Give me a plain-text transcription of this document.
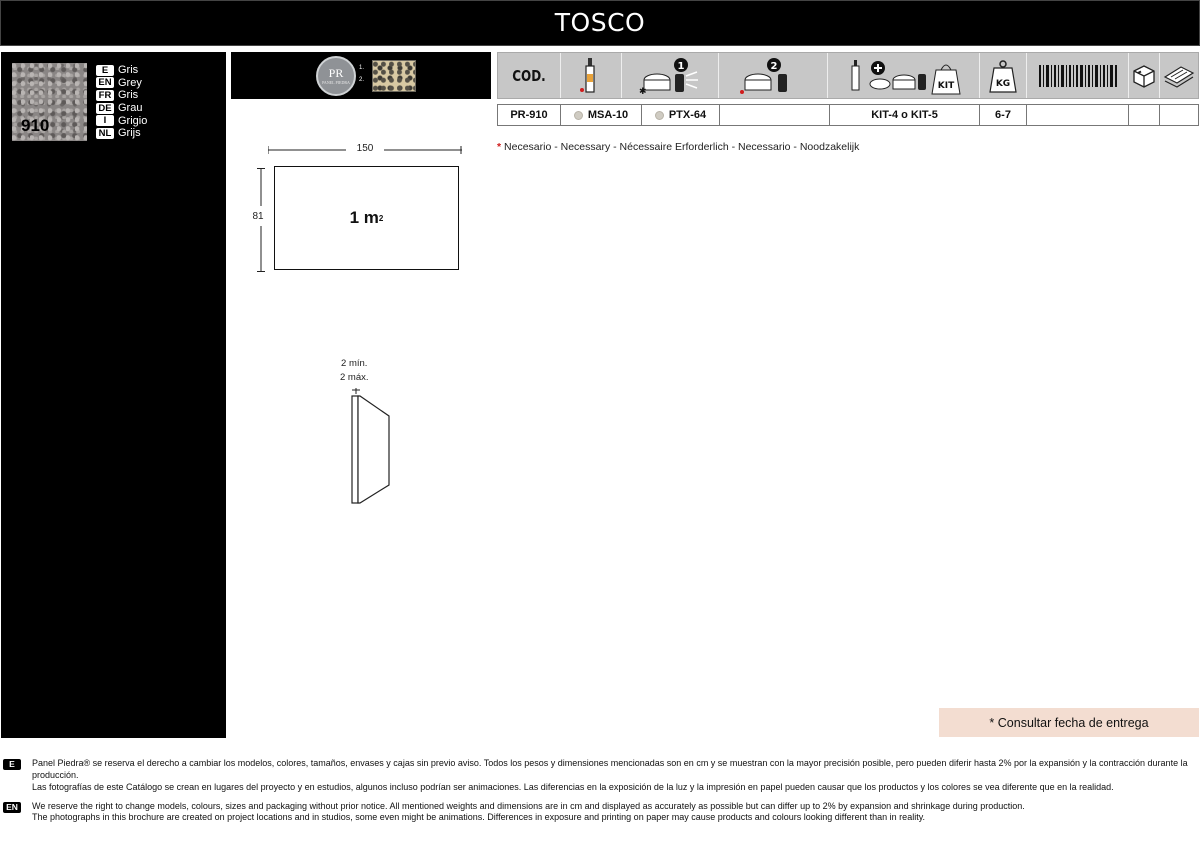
TOSCO
910
E Gris
EN Grey
FR Gris
DE Grau
I	Grigio
NL Grijs
PR
PANEL PIEDRA
1.
2.	COD.
1
✱
2
KIT	KG
PR-910	MSA-10	PTX-64	KIT-4 o KIT-5	6-7
* Necesario - Necessary - Nécessaire Erforderlich - Necessario - Noodzakelijk
150
81	1 m 2
2 mín.
2 máx.
* Consultar fecha de entrega
E	Panel Piedra® se reserva el derecho a cambiar los modelos, colores, tamaños, envases y cajas sin previo aviso. Todos los pesos y dimensiones mencionadas son en cm y se muestran con la mayor precisión posible, pero pueden diferir hasta 2% por la expansión y la contracción durante la producción.

Las fotografías de este Catálogo se crean en lugares del proyecto y en estudios, algunos incluso podrían ser animaciones. Las diferencias en la exposición de la luz y la impresión en papel pueden causar que los productos y los colores se vea diferente que en la realidad.

EN	We reserve the right to change models, colours, sizes and packaging without prior notice. All mentioned weights and dimensions are in cm and displayed as accurately as possible but can differ up to 2% by expansion and shrinkage during production.

The photographs in this brochure are created on project locations and in studios, some even might be animations. Differences in exposure and printing on paper may cause products and colours looking different than in reality.
